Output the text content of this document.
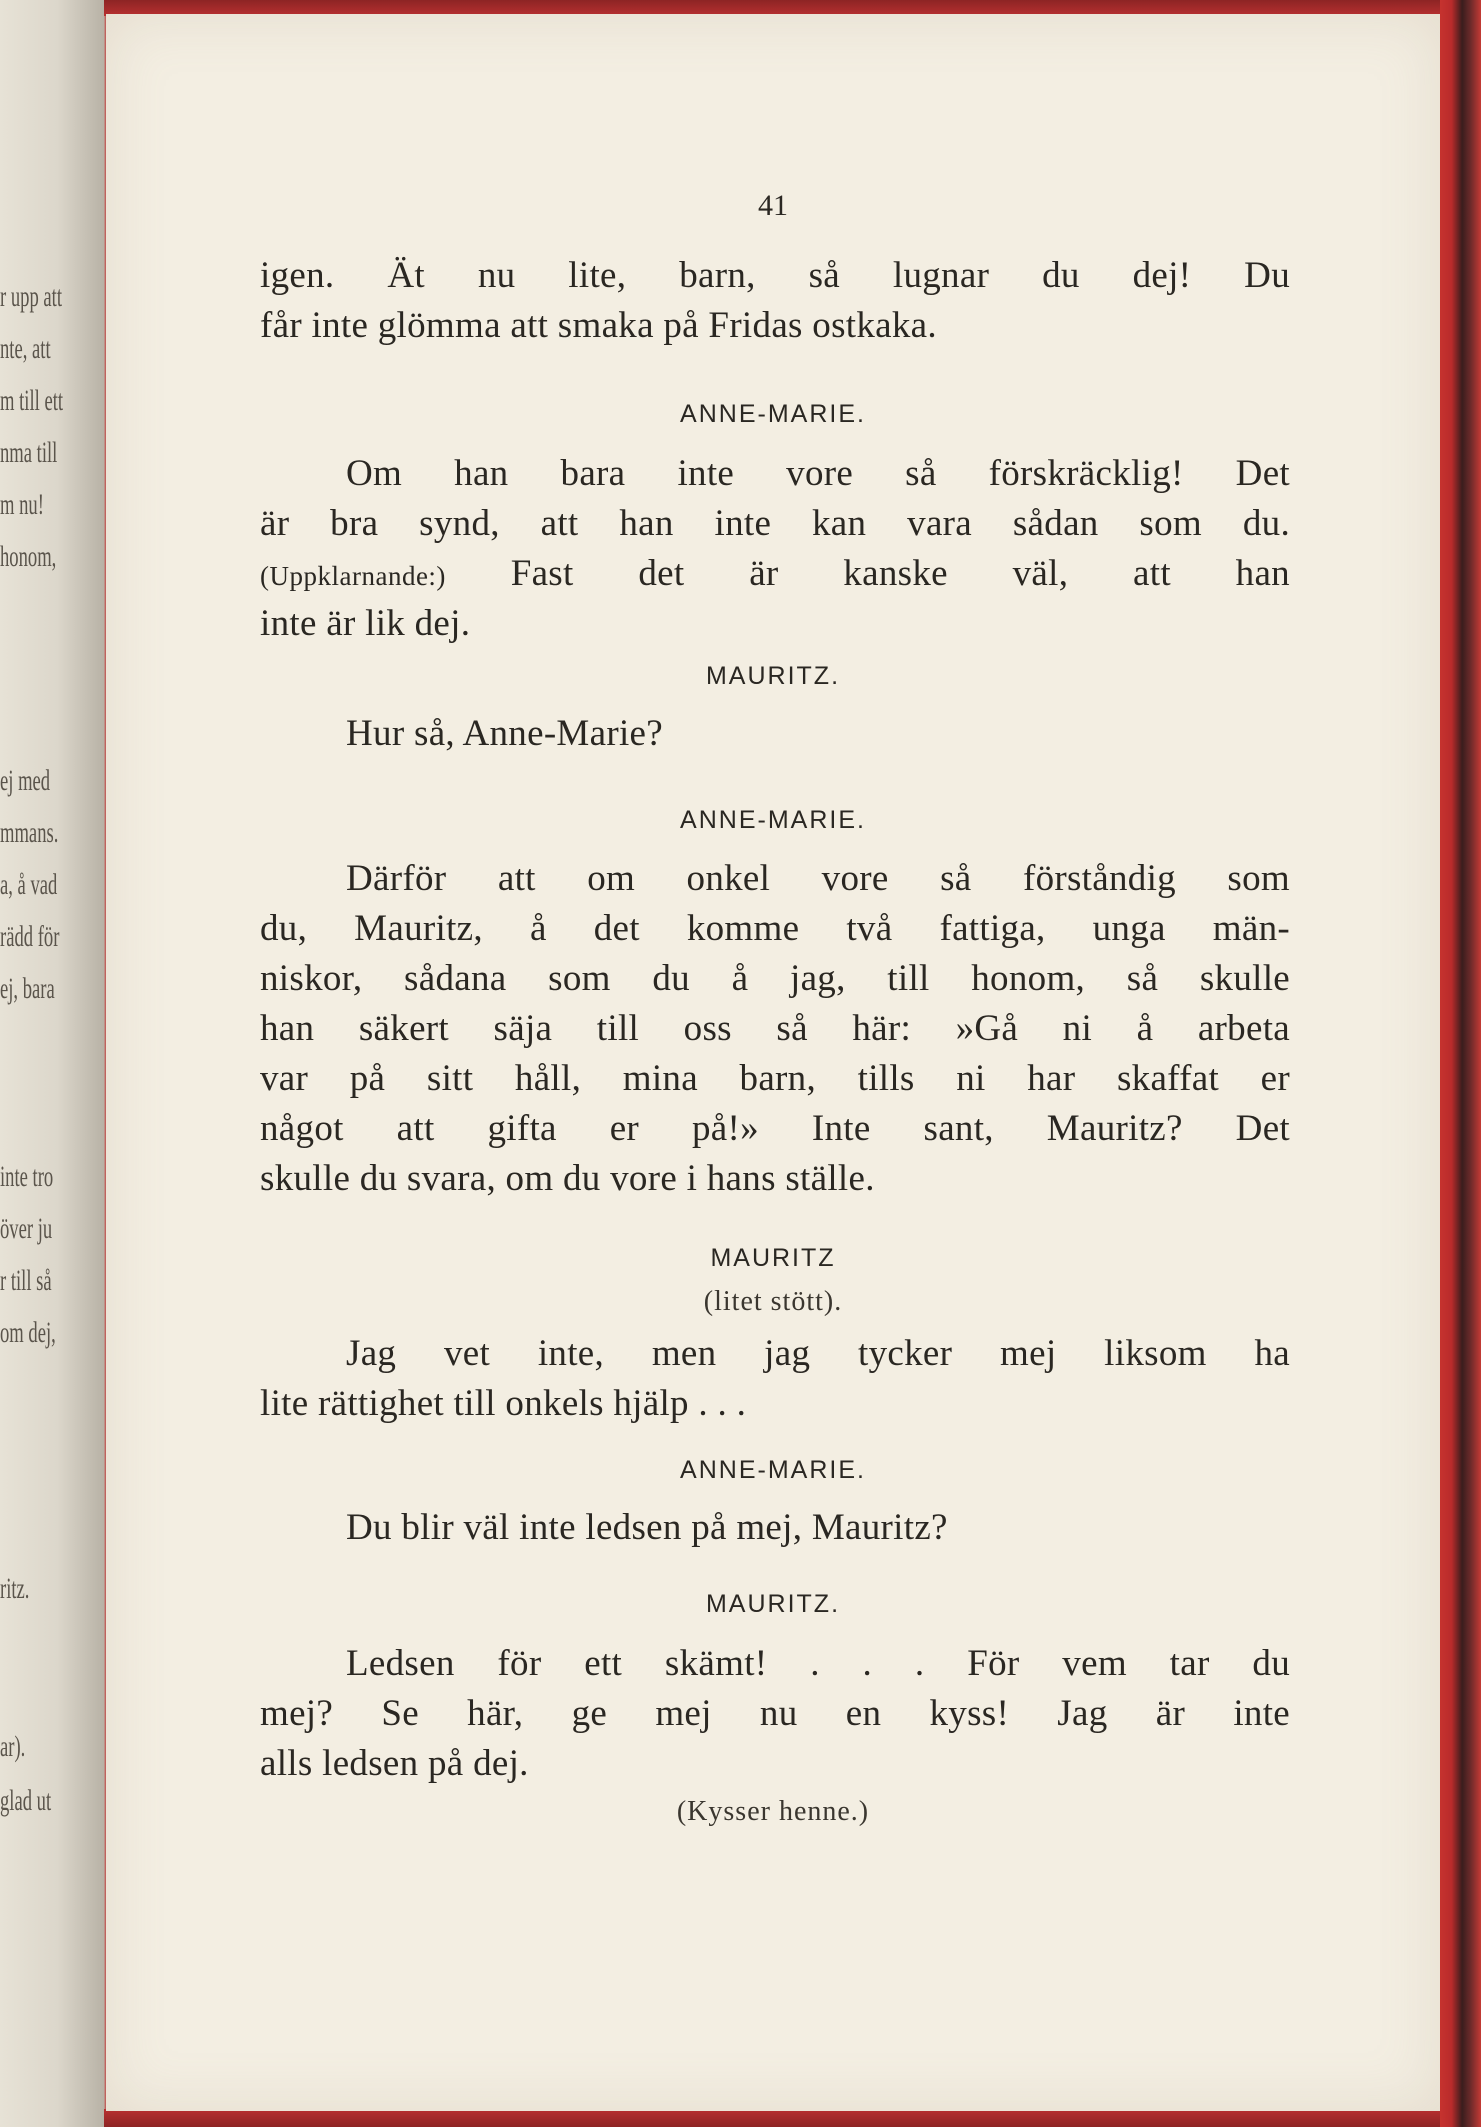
r upp att
nte, att
m till ett
nma till
m nu!
honom,
ej med
mmans.
a, å vad
rädd för
ej, bara
inte tro
över ju
r till så
om dej,
ritz.
ar).
glad ut
41
igen. Ät nu lite, barn, så lugnar du dej! Du
får inte glömma att smaka på Fridas ostkaka.
ANNE-MARIE.
Om han bara inte vore så förskräcklig! Det
är bra synd, att han inte kan vara sådan som du.
(Uppklarnande:) Fast det är kanske väl, att han
inte är lik dej.
MAURITZ.
Hur så, Anne-Marie?
ANNE-MARIE.
Därför att om onkel vore så förståndig som
du, Mauritz, å det komme två fattiga, unga män-
niskor, sådana som du å jag, till honom, så skulle
han säkert säja till oss så här: »Gå ni å arbeta
var på sitt håll, mina barn, tills ni har skaffat er
något att gifta er på!» Inte sant, Mauritz? Det
skulle du svara, om du vore i hans ställe.
MAURITZ
(litet stött).
Jag vet inte, men jag tycker mej liksom ha
lite rättighet till onkels hjälp . . .
ANNE-MARIE.
Du blir väl inte ledsen på mej, Mauritz?
MAURITZ.
Ledsen för ett skämt! . . . För vem tar du
mej? Se här, ge mej nu en kyss! Jag är inte
alls ledsen på dej.
(Kysser henne.)
